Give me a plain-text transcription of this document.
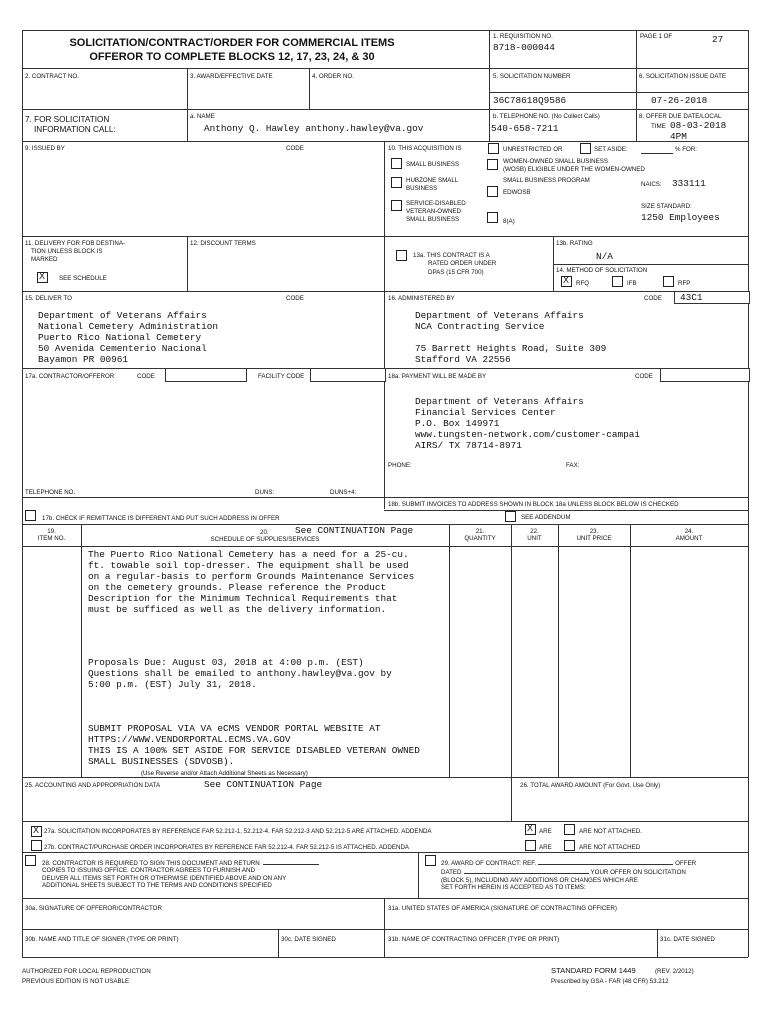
SOLICITATION/CONTRACT/ORDER FOR COMMERCIAL ITEMS
OFFEROR TO COMPLETE BLOCKS 12, 17, 23, 24, & 30
1. REQUISITION NO.
8718-000044
PAGE 1 OF	27
2. CONTRACT NO.	3. AWARD/EFFECTIVE DATE	4. ORDER NO.	5. SOLICITATION NUMBER
36C78618Q9586
6. SOLICITATION ISSUE DATE
07-26-2018
7. FOR SOLICITATION
INFORMATION CALL:
a. NAME
Anthony Q. Hawley anthony.hawley@va.gov
b. TELEPHONE NO. (No Collect Calls)
540-658-7211
8. OFFER DUE DATE/LOCAL
TIME 08-03-2018
4PM
9. ISSUED BY	CODE	10. THIS ACQUISITION IS	UNRESTRICTED OR	SET ASIDE:	% FOR:
SMALL BUSINESS
HUBZONE SMALL
BUSINESS
SERVICE-DISABLED
VETERAN-OWNED
SMALL BUSINESS
WOMEN-OWNED SMALL BUSINESS
(WOSB) ELIGIBLE UNDER THE WOMEN-OWNED
SMALL BUSINESS PROGRAM
EDWOSB
8(A)
NAICS: 333111
SIZE STANDARD:
1250 Employees
11. DELIVERY FOR FOB DESTINA-
TION UNLESS BLOCK IS
MARKED
X
SEE SCHEDULE
12. DISCOUNT TERMS
13a. THIS CONTRACT IS A
RATED ORDER UNDER
DPAS (15 CFR 700)
13b. RATING
N/A
14. METHOD OF SOLICITATION
X
RFQ	IFB	RFP
15. DELIVER TO	CODE
Department of Veterans Affairs
National Cemetery Administration
Puerto Rico National Cemetery
50 Avenida Cementerio Nacional
Bayamon PR 00961
16. ADMINISTERED BY	CODE 43C1
Department of Veterans Affairs
NCA Contracting Service
75 Barrett Heights Road, Suite 309
Stafford VA 22556
17a. CONTRACTOR/OFFEROR	CODE	FACILITY CODE	18a. PAYMENT WILL BE MADE BY	CODE
Department of Veterans Affairs
Financial Services Center
P.O. Box 149971
www.tungsten-network.com/customer-campai
AIRS/ TX 78714-8971
PHONE:	FAX:
TELEPHONE NO.	DUNS:	DUNS+4:
18b. SUBMIT INVOICES TO ADDRESS SHOWN IN BLOCK 18a UNLESS BLOCK BELOW IS CHECKED
17b. CHECK IF REMITTANCE IS DIFFERENT AND PUT SUCH ADDRESS IN OFFER	SEE ADDENDUM
19.
ITEM NO.
20.	See CONTINUATION Page
SCHEDULE OF SUPPLIES/SERVICES
21.
QUANTITY
22.
UNIT
23.
UNIT PRICE
24.
AMOUNT
The Puerto Rico National Cemetery has a need for a 25-cu.
ft. towable soil top-dresser. The equipment shall be used
on a regular-basis to perform Grounds Maintenance Services
on the cemetery grounds. Please reference the Product
Description for the Minimum Technical Requirements that
must be sufficed as well as the delivery information.
Proposals Due: August 03, 2018 at 4:00 p.m. (EST)
Questions shall be emailed to anthony.hawley@va.gov by
5:00 p.m. (EST) July 31, 2018.
SUBMIT PROPOSAL VIA VA eCMS VENDOR PORTAL WEBSITE AT
HTTPS://WWW.VENDORPORTAL.ECMS.VA.GOV
THIS IS A 100% SET ASIDE FOR SERVICE DISABLED VETERAN OWNED
SMALL BUSINESSES (SDVOSB).
(Use Reverse and/or Attach Additional Sheets as Necessary)
25. ACCOUNTING AND APPROPRIATION DATA	See CONTINUATION Page	26. TOTAL AWARD AMOUNT (For Govt. Use Only)
X
27a. SOLICITATION INCORPORATES BY REFERENCE FAR 52.212-1, 52.212-4. FAR 52.212-3 AND 52.212-5 ARE ATTACHED. ADDENDA
X	ARE	ARE NOT ATTACHED.
27b. CONTRACT/PURCHASE ORDER INCORPORATES BY REFERENCE FAR 52.212-4. FAR 52.212-5 IS ATTACHED. ADDENDA	ARE	ARE NOT ATTACHED
28. CONTRACTOR IS REQUIRED TO SIGN THIS DOCUMENT AND RETURN
COPIES TO ISSUING OFFICE. CONTRACTOR AGREES TO FURNISH AND
DELIVER ALL ITEMS SET FORTH OR OTHERWISE IDENTIFIED ABOVE AND ON ANY
ADDITIONAL SHEETS SUBJECT TO THE TERMS AND CONDITIONS SPECIFIED
29. AWARD OF CONTRACT: REF.	OFFER
DATED	YOUR OFFER ON SOLICITATION
(BLOCK 5), INCLUDING ANY ADDITIONS OR CHANGES WHICH ARE
SET FORTH HEREIN IS ACCEPTED AS TO ITEMS:
30a. SIGNATURE OF OFFEROR/CONTRACTOR	31a. UNITED STATES OF AMERICA (SIGNATURE OF CONTRACTING OFFICER)
30b. NAME AND TITLE OF SIGNER (TYPE OR PRINT)	30c. DATE SIGNED	31b. NAME OF CONTRACTING OFFICER (TYPE OR PRINT)	31c. DATE SIGNED
AUTHORIZED FOR LOCAL REPRODUCTION
PREVIOUS EDITION IS NOT USABLE
STANDARD FORM 1449	(REV. 2/2012)
Prescribed by GSA - FAR (48 CFR) 53.212
